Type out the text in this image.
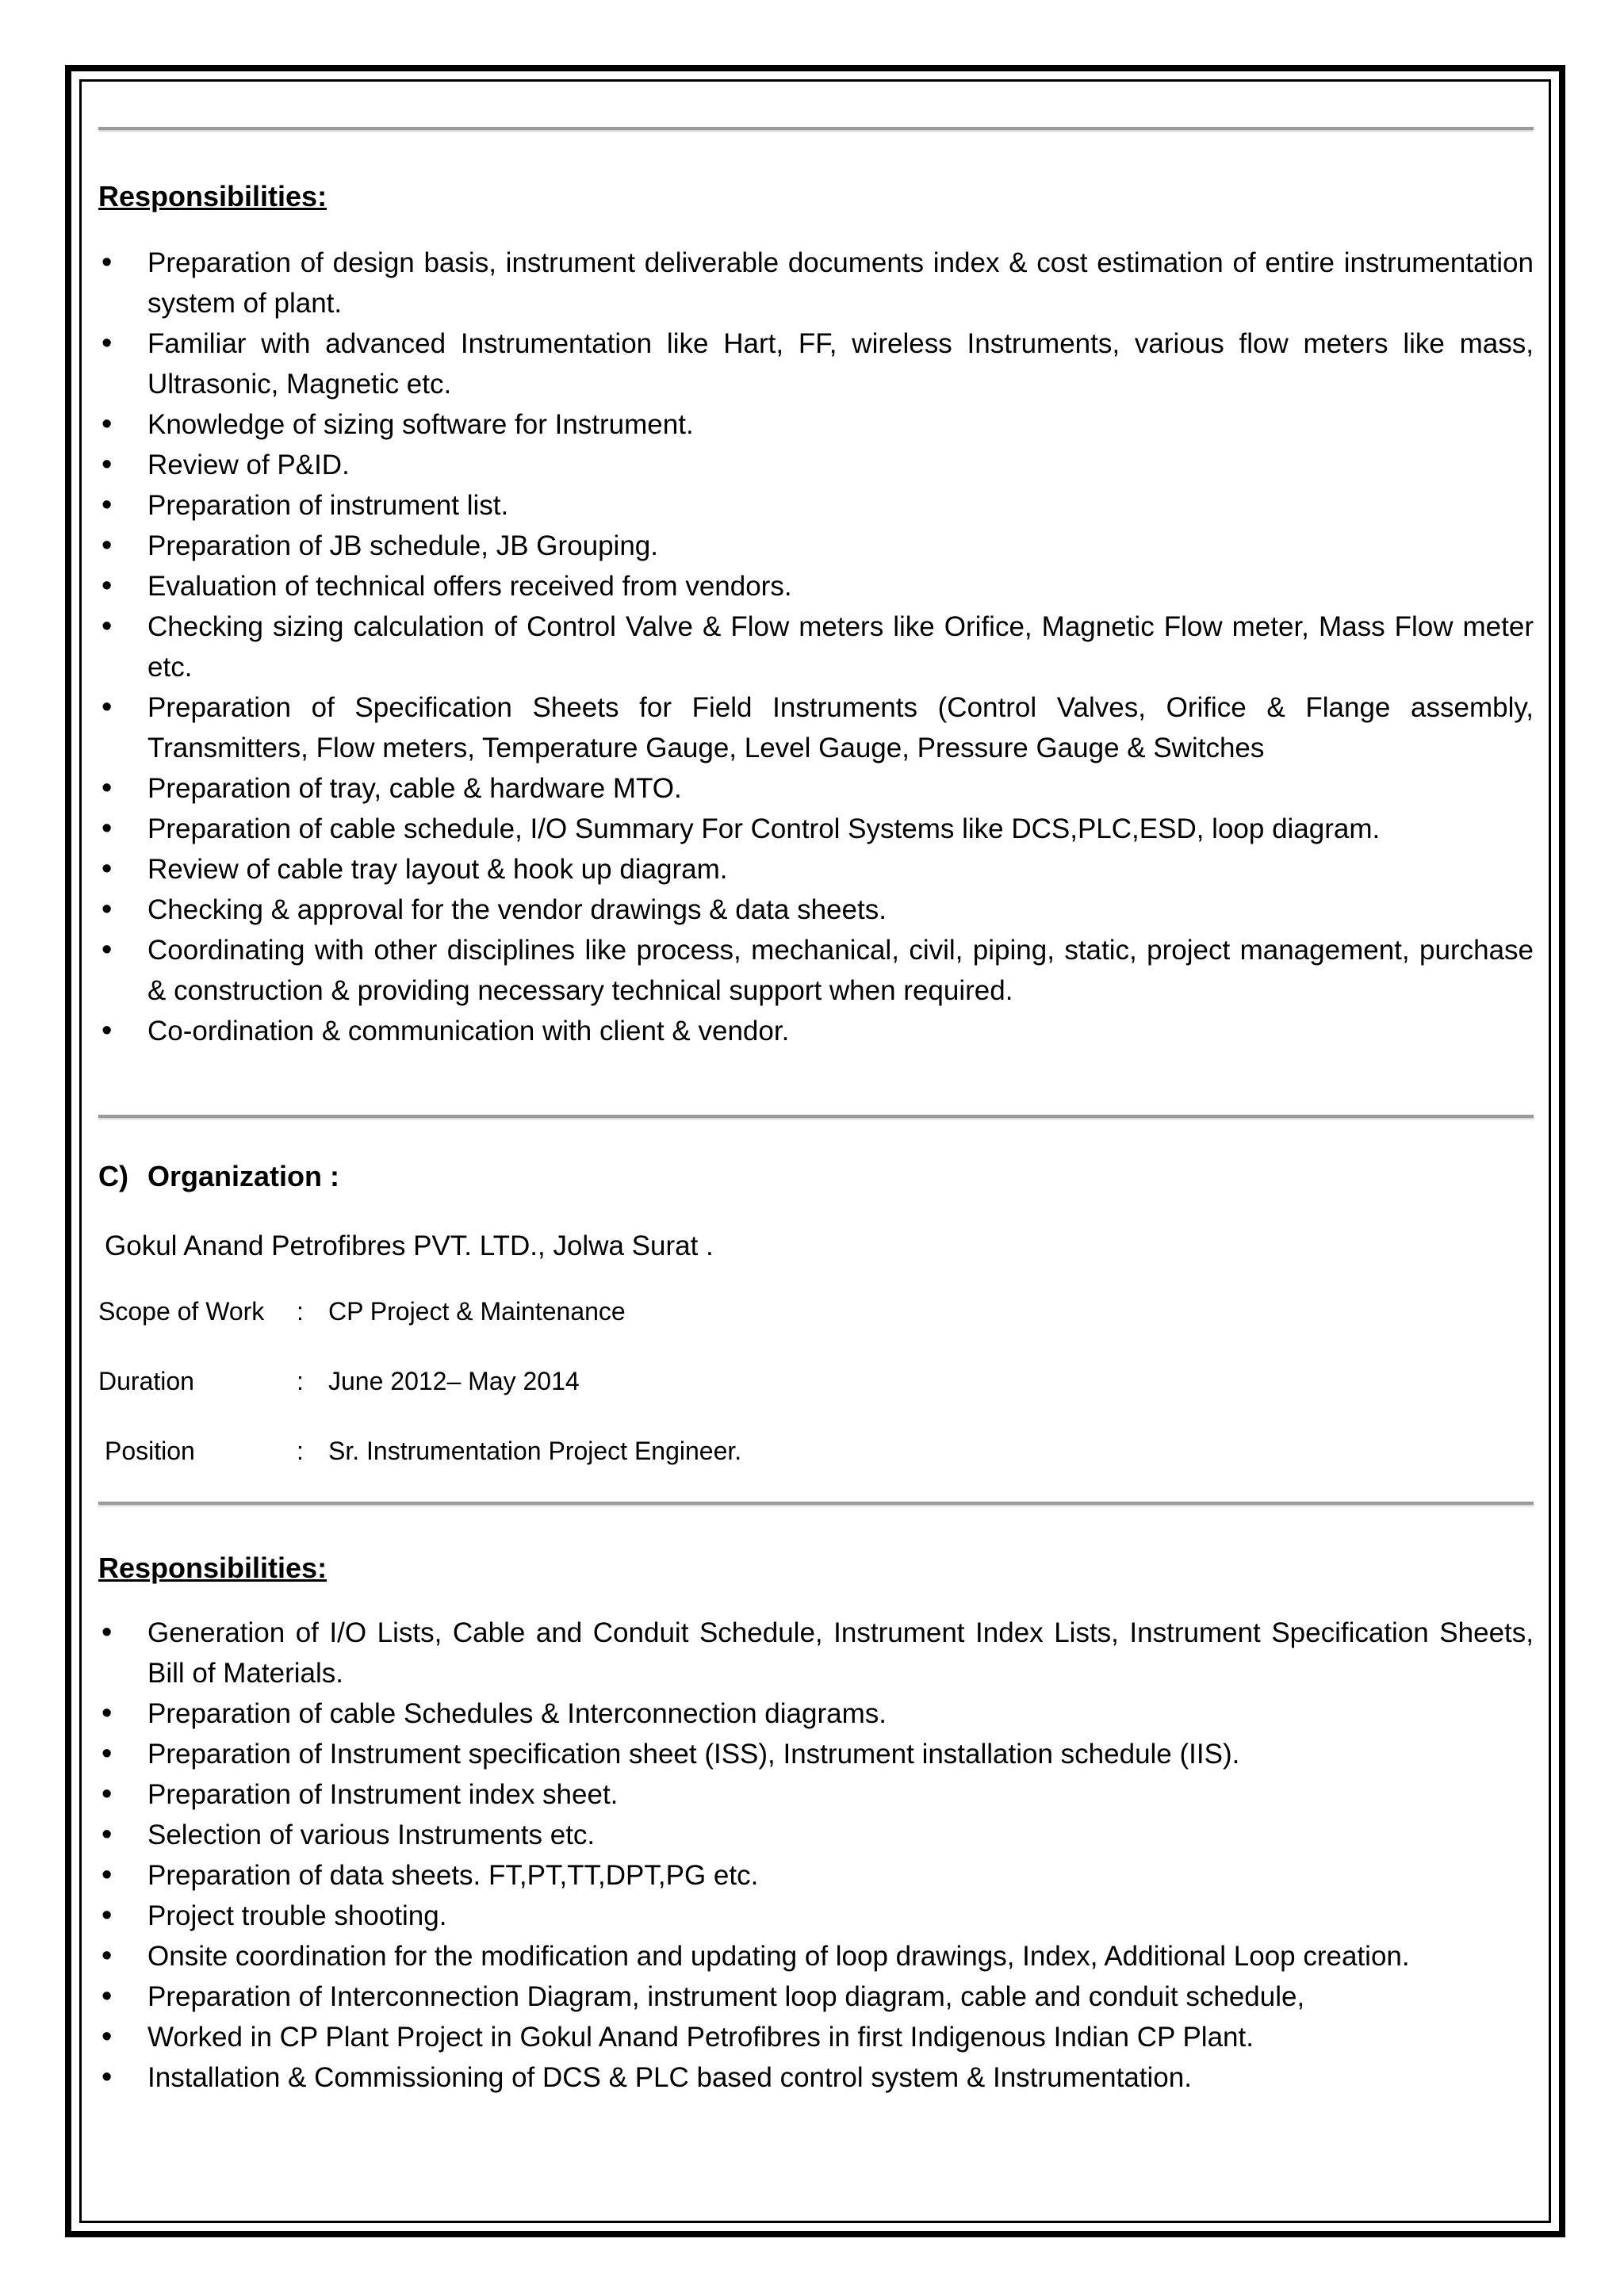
Responsibilities:
• Preparation of design basis, instrument deliverable documents index & cost estimation of entire instrumentation system of plant.
• Familiar with advanced Instrumentation like Hart, FF, wireless Instruments, various flow meters like mass, Ultrasonic, Magnetic etc.
• Knowledge of sizing software for Instrument.
• Review of P&ID.
• Preparation of instrument list.
• Preparation of JB schedule, JB Grouping.
• Evaluation of technical offers received from vendors.
• Checking sizing calculation of Control Valve & Flow meters like Orifice, Magnetic Flow meter, Mass Flow meter etc.
• Preparation of Specification Sheets for Field Instruments (Control Valves, Orifice & Flange assembly, Transmitters, Flow meters, Temperature Gauge, Level Gauge, Pressure Gauge & Switches
• Preparation of tray, cable & hardware MTO.
• Preparation of cable schedule, I/O Summary For Control Systems like DCS,PLC,ESD, loop diagram.
• Review of cable tray layout & hook up diagram.
• Checking & approval for the vendor drawings & data sheets.
• Coordinating with other disciplines like process, mechanical, civil, piping, static, project management, purchase & construction & providing necessary technical support when required.
• Co-ordination & communication with client & vendor.
C) Organization :
Gokul Anand Petrofibres PVT. LTD., Jolwa Surat .
Scope of Work	: CP Project & Maintenance
Duration	: June 2012– May 2014
Position	: Sr. Instrumentation Project Engineer.
Responsibilities:
• Generation of I/O Lists, Cable and Conduit Schedule, Instrument Index Lists, Instrument Specification Sheets, Bill of Materials.
• Preparation of cable Schedules & Interconnection diagrams.
• Preparation of Instrument specification sheet (ISS), Instrument installation schedule (IIS).
• Preparation of Instrument index sheet.
• Selection of various Instruments etc.
• Preparation of data sheets. FT,PT,TT,DPT,PG etc.
• Project trouble shooting.
• Onsite coordination for the modification and updating of loop drawings, Index, Additional Loop creation.
• Preparation of Interconnection Diagram, instrument loop diagram, cable and conduit schedule,
• Worked in CP Plant Project in Gokul Anand Petrofibres in first Indigenous Indian CP Plant.
• Installation & Commissioning of DCS & PLC based control system & Instrumentation.
